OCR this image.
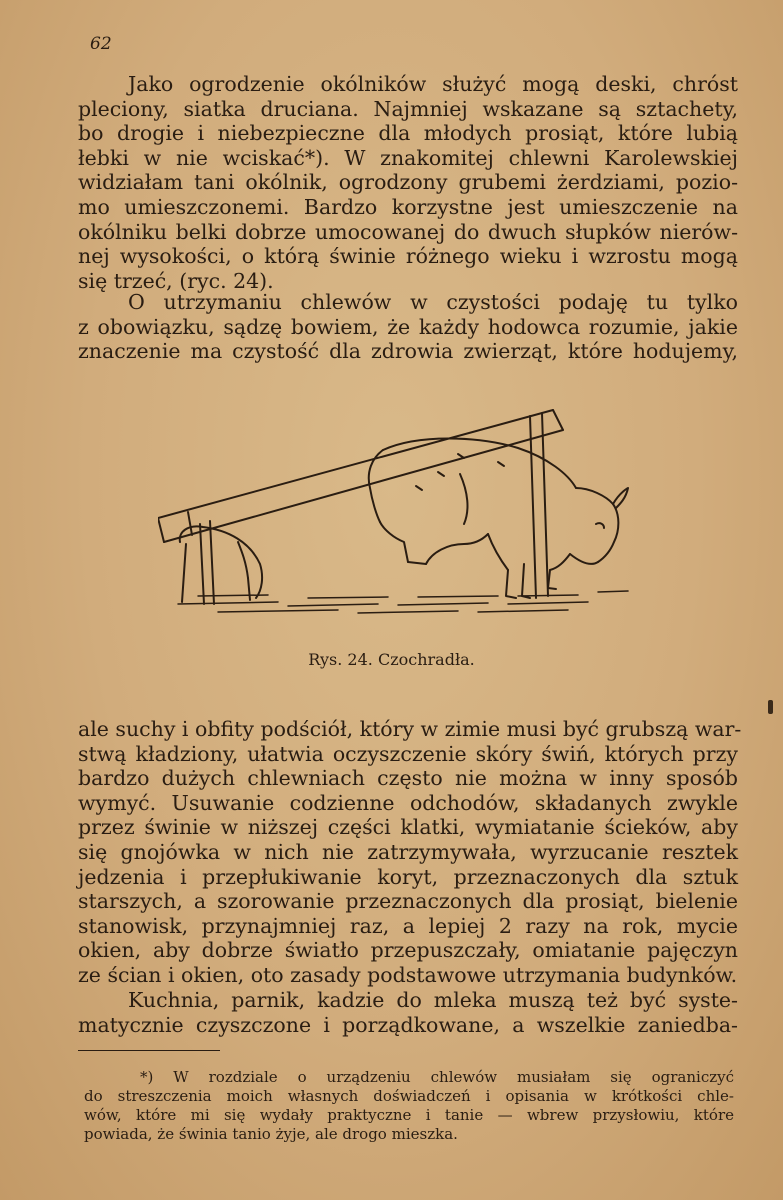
62
Jako ogrodzenie okólników służyć mogą deski, chróst
pleciony, siatka druciana. Najmniej wskazane są sztachety,
bo drogie i niebezpieczne dla młodych prosiąt, które lubią
łebki w nie wciskać*). W znakomitej chlewni Karolewskiej
widziałam tani okólnik, ogrodzony grubemi żerdziami, pozio-
mo umieszczonemi. Bardzo korzystne jest umieszczenie na
okólniku belki dobrze umocowanej do dwuch słupków nierów-
nej wysokości, o którą świnie różnego wieku i wzrostu mogą
się trzeć, (ryc. 24).
O utrzymaniu chlewów w czystości podaję tu tylko
z obowiązku, sądzę bowiem, że każdy hodowca rozumie, jakie
znaczenie ma czystość dla zdrowia zwierząt, które hodujemy,
Rys. 24. Czochradła.
ale suchy i obfity podściół, który w zimie musi być grubszą war-
stwą kładziony, ułatwia oczyszczenie skóry świń, których przy
bardzo dużych chlewniach często nie można w inny sposób
wymyć. Usuwanie codzienne odchodów, składanych zwykle
przez świnie w niższej części klatki, wymiatanie ścieków, aby
się gnojówka w nich nie zatrzymywała, wyrzucanie resztek
jedzenia i przepłukiwanie koryt, przeznaczonych dla sztuk
starszych, a szorowanie przeznaczonych dla prosiąt, bielenie
stanowisk, przynajmniej raz, a lepiej 2 razy na rok, mycie
okien, aby dobrze światło przepuszczały, omiatanie pajęczyn
ze ścian i okien, oto zasady podstawowe utrzymania budynków.
Kuchnia, parnik, kadzie do mleka muszą też być syste-
matycznie czyszczone i porządkowane, a wszelkie zaniedba-
*) W rozdziale o urządzeniu chlewów musiałam się ograniczyć
do streszczenia moich własnych doświadczeń i opisania w krótkości chle-
wów, które mi się wydały praktyczne i tanie — wbrew przysłowiu, które
powiada, że świnia tanio żyje, ale drogo mieszka.
